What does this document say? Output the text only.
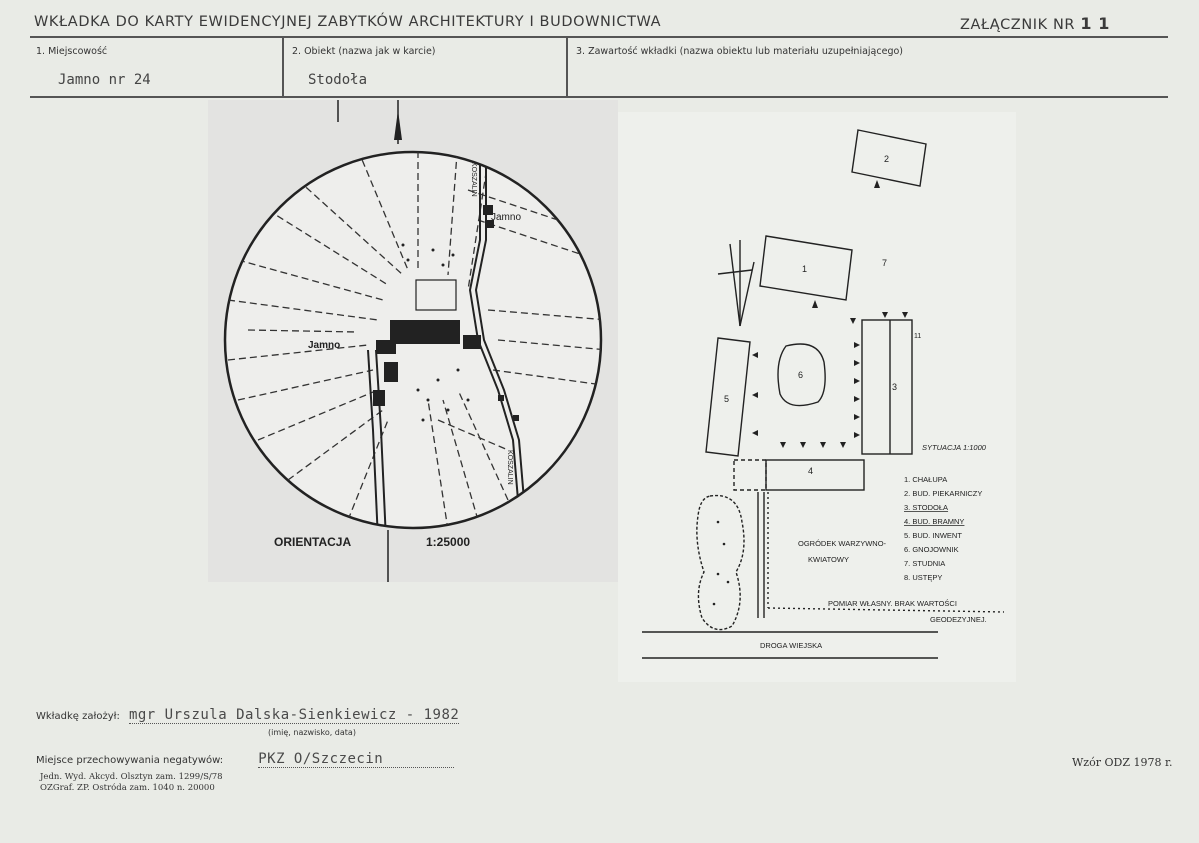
WKŁADKA DO KARTY EWIDENCYJNEJ ZABYTKÓW ARCHITEKTURY I BUDOWNICTWA	ZAŁĄCZNIK NR 1 1
1. Miejscowość
Jamno nr 24
2. Obiekt (nazwa jak w karcie)
Stodoła
3. Zawartość wkładki (nazwa obiektu lub materiału uzupełniającego)
Jamno
Jamno
KOSZALIN
KOSZALIN
ORIENTACJA	1:25000
2
1
3
5
4
6
7
11
SYTUACJA 1:1000
1. CHAŁUPA
2. BUD. PIEKARNICZY
3. STODOŁA
4. BUD. BRAMNY
5. BUD. INWENT
6. GNOJOWNIK
7. STUDNIA
8. USTĘPY
OGRÓDEK WARZYWNO-
KWIATOWY
POMIAR WŁASNY. BRAK WARTOŚCI
GEODEZYJNEJ.
DROGA WIEJSKA
Wkładkę założył: mgr Urszula Dalska-Sienkiewicz - 1982
(imię, nazwisko, data)
Miejsce przechowywania negatywów:	PKZ O/Szczecin
Jedn. Wyd. Akcyd. Olsztyn zam. 1299/S/78
OZGraf. ZP. Ostróda zam. 1040 n. 20000
Wzór ODZ 1978 r.
